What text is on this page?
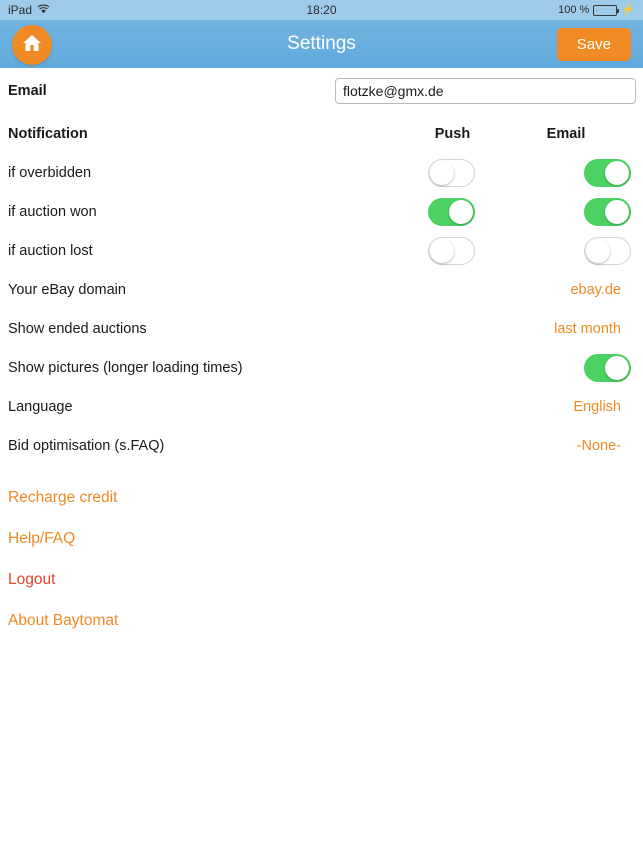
iPad	18:20	100 %	⚡
Settings	Save
Email
flotzke@gmx.de
Notification	Push	Email
if overbidden
if auction won
if auction lost
Your eBay domain	ebay.de
Show ended auctions	last month
Show pictures (longer loading times)
Language	English
Bid optimisation (s.FAQ)	-None-
Recharge credit
Help/FAQ
Logout
About Baytomat
